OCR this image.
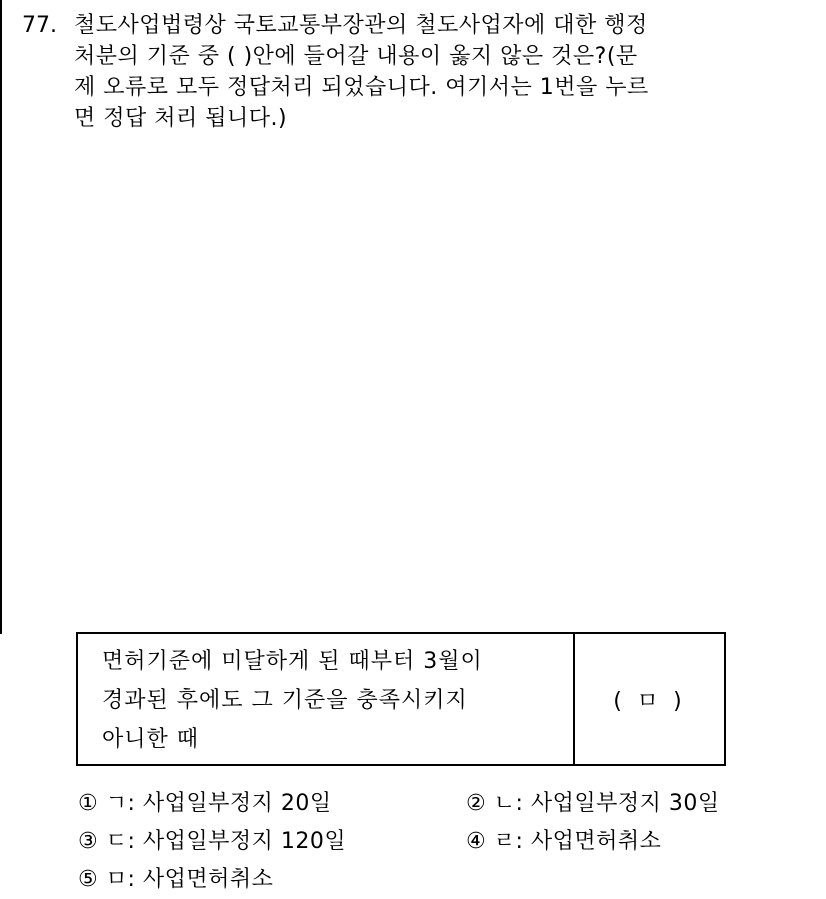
77. 철도사업법령상 국토교통부장관의 철도사업자에 대한 행정
처분의 기준 중 ( )안에 들어갈 내용이 옳지 않은 것은?(문
제 오류로 모두 정답처리 되었습니다. 여기서는 1번을 누르
면 정답 처리 됩니다.)
면허기준에 미달하게 된 때부터 3월이
경과된 후에도 그 기준을 충족시키지
아니한 때
( ㅁ )
① ㄱ: 사업일부정지 20일	② ㄴ: 사업일부정지 30일
③ ㄷ: 사업일부정지 120일	④ ㄹ: 사업면허취소
⑤ ㅁ: 사업면허취소
